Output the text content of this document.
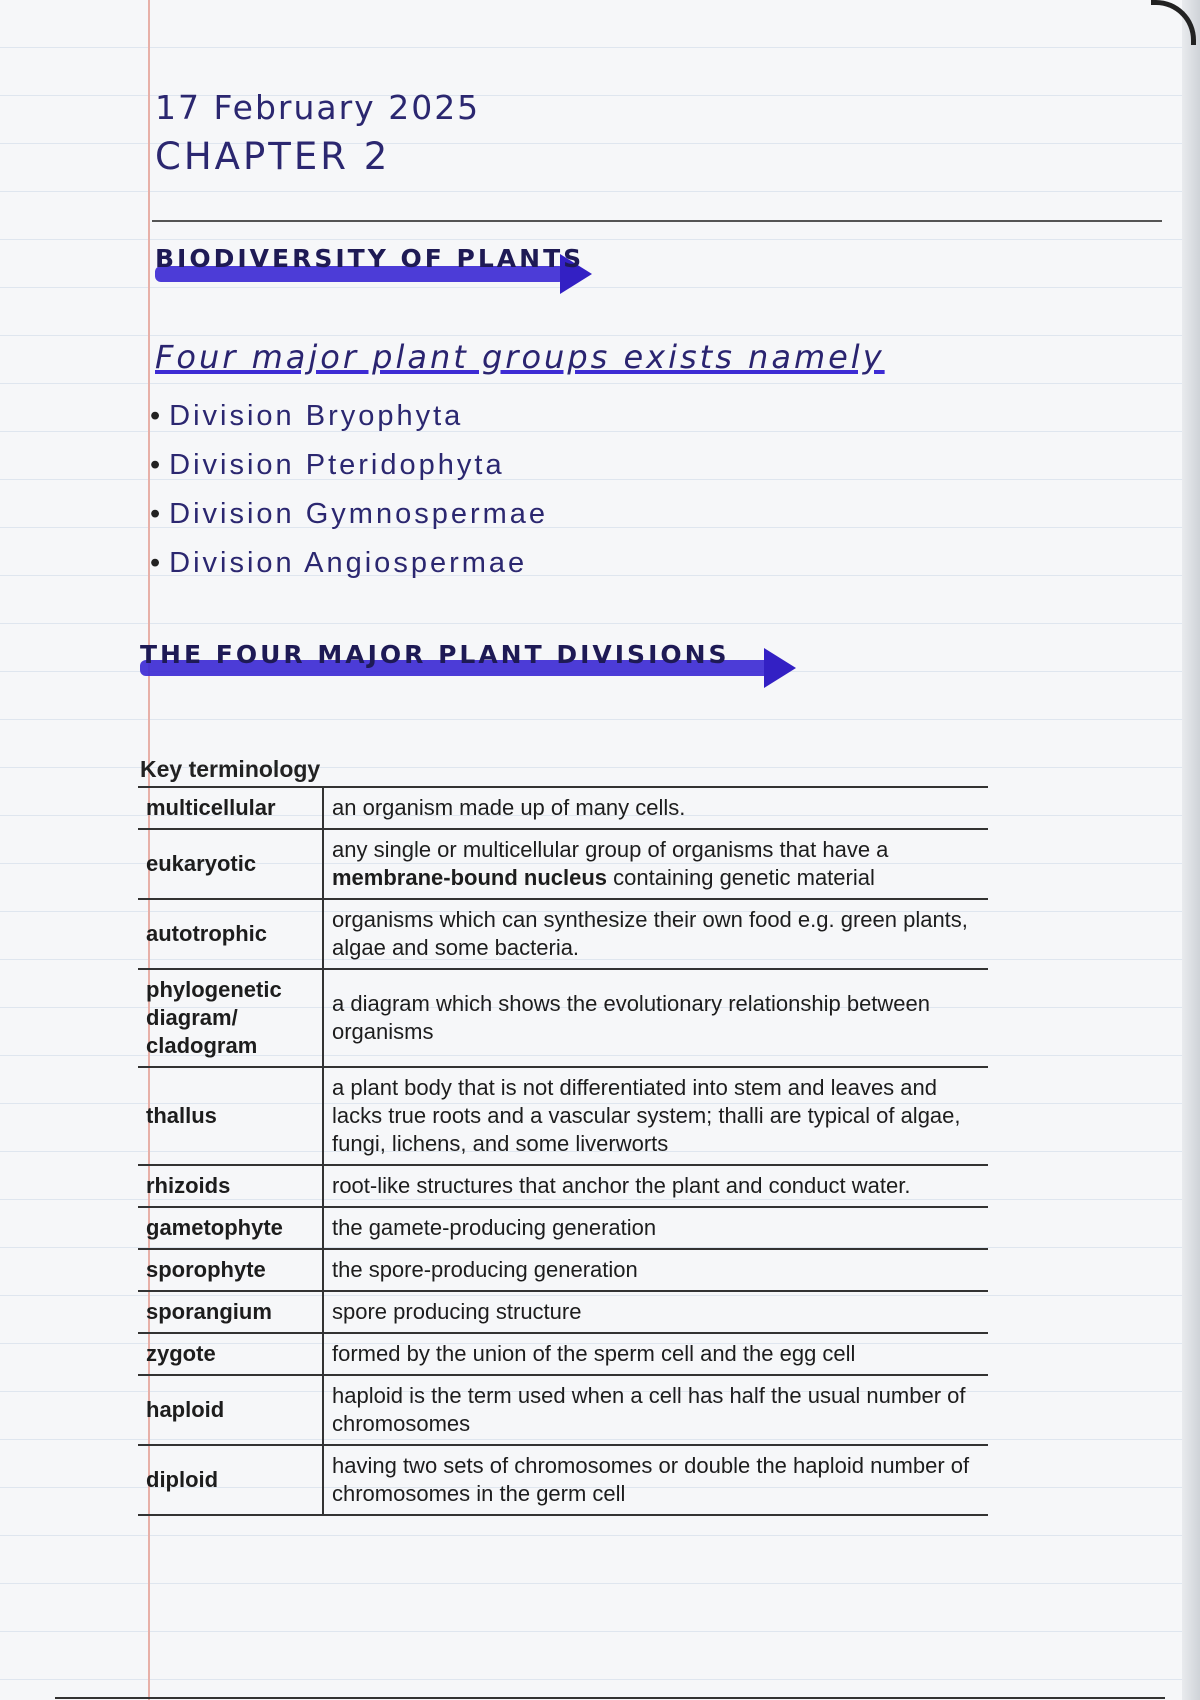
17 February 2025
CHAPTER 2
BIODIVERSITY OF PLANTS
Four major plant groups exists namely
• Division Bryophyta
• Division Pteridophyta
• Division Gymnospermae
• Division Angiospermae
THE FOUR MAJOR PLANT DIVISIONS
Key terminology
multicellular	an organism made up of many cells.
eukaryotic	any single or multicellular group of organisms that have a membrane-bound nucleus containing genetic material
autotrophic	organisms which can synthesize their own food e.g. green plants, algae and some bacteria.
phylogenetic diagram/ cladogram	a diagram which shows the evolutionary relationship between organisms
thallus	a plant body that is not differentiated into stem and leaves and lacks true roots and a vascular system; thalli are typical of algae, fungi, lichens, and some liverworts
rhizoids	root-like structures that anchor the plant and conduct water.
gametophyte	the gamete-producing generation
sporophyte	the spore-producing generation
sporangium	spore producing structure
zygote	formed by the union of the sperm cell and the egg cell
haploid	haploid is the term used when a cell has half the usual number of chromosomes
diploid	having two sets of chromosomes or double the haploid number of chromosomes in the germ cell
